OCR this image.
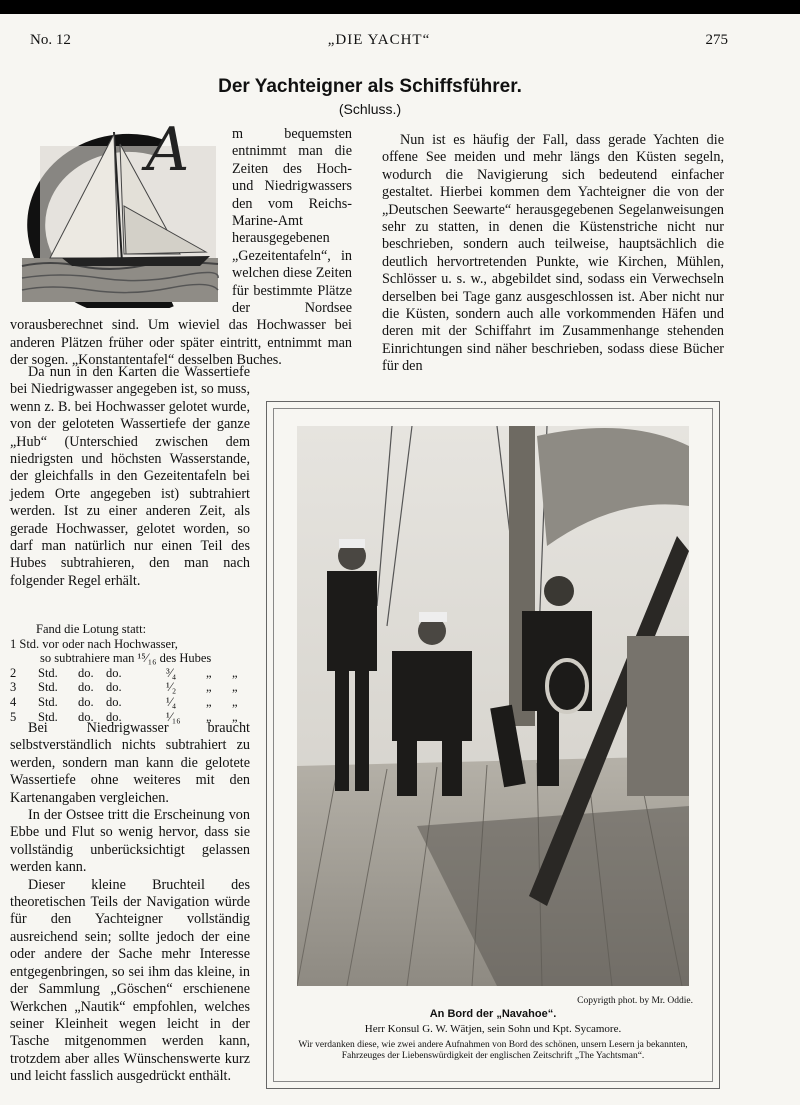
No. 12	„DIE YACHT“	275
Der Yachteigner als Schiffsführer.
(Schluss.)
A	m bequemsten entnimmt man die Zeiten des Hoch- und Niedrigwassers den vom Reichs-Marine-Amt herausgegebenen „Gezeitentafeln“, in welchen diese Zeiten für bestimmte Plätze der Nordsee vorausberechnet sind. Um wieviel das Hochwasser bei anderen Plätzen früher oder später eintritt, entnimmt man der sogen. „Konstantentafel“ desselben Buches.

Da nun in den Karten die Wassertiefe bei Niedrigwasser angegeben ist, so muss, wenn z. B. bei Hochwasser gelotet wurde, von der geloteten Wassertiefe der ganze „Hub“ (Unterschied zwischen dem niedrigsten und höchsten Wasserstande, der gleichfalls in den Gezeitentafeln bei jedem Orte angegeben ist) subtrahiert werden. Ist zu einer anderen Zeit, als gerade Hochwasser, gelotet worden, so darf man natürlich nur einen Teil des Hubes subtrahieren, den man nach folgender Regel erhält.

Fand die Lotung statt:
1 Std. vor oder nach Hochwasser,
so subtrahiere man ¹⁵⁄₁₆ des Hubes
2	Std.	do. do.	³⁄₄	„	„
3	Std.	do. do.	¹⁄₂	„	„
4	Std.	do. do.	¹⁄₄	„	„
5	Std.	do. do.	¹⁄₁₆	„	„

Bei Niedrigwasser braucht selbstverständlich nichts subtrahiert zu werden, sondern man kann die gelotete Wassertiefe ohne weiteres mit den Kartenangaben vergleichen.

In der Ostsee tritt die Erscheinung von Ebbe und Flut so wenig hervor, dass sie vollständig unberücksichtigt gelassen werden kann.

Dieser kleine Bruchteil des theoretischen Teils der Navigation würde für den Yachteigner vollständig ausreichend sein; sollte jedoch der eine oder andere der Sache mehr Interesse entgegenbringen, so sei ihm das kleine, in der Sammlung „Göschen“ erschienene Werkchen „Nautik“ empfohlen, welches seiner Kleinheit wegen leicht in der Tasche mitgenommen werden kann, trotzdem aber alles Wünschenswerte kurz und leicht fasslich ausgedrückt enthält.

Nun ist es häufig der Fall, dass gerade Yachten die offene See meiden und mehr längs den Küsten segeln, wodurch die Navigierung sich bedeutend einfacher gestaltet. Hierbei kommen dem Yachteigner die von der „Deutschen Seewarte“ herausgegebenen Segelanweisungen sehr zu statten, in denen die Küstenstriche nicht nur beschrieben, sondern auch teilweise, hauptsächlich die deutlich hervortretenden Punkte, wie Kirchen, Mühlen, Schlösser u. s. w., abgebildet sind, sodass ein Verwechseln derselben bei Tage ganz ausgeschlossen ist. Aber nicht nur die Küsten, sondern auch alle vorkommenden Häfen und deren mit der Schiffahrt im Zusammenhange stehenden Einrichtungen sind näher beschrieben, sodass diese Bücher für den

Copyrigth phot. by Mr. Oddie.
An Bord der „Navahoe“.
Herr Konsul G. W. Wätjen, sein Sohn und Kpt. Sycamore.
Wir verdanken diese, wie zwei andere Aufnahmen von Bord des schönen, unsern Lesern ja bekannten, Fahrzeuges der Liebenswürdigkeit der englischen Zeitschrift „The Yachtsman“.
